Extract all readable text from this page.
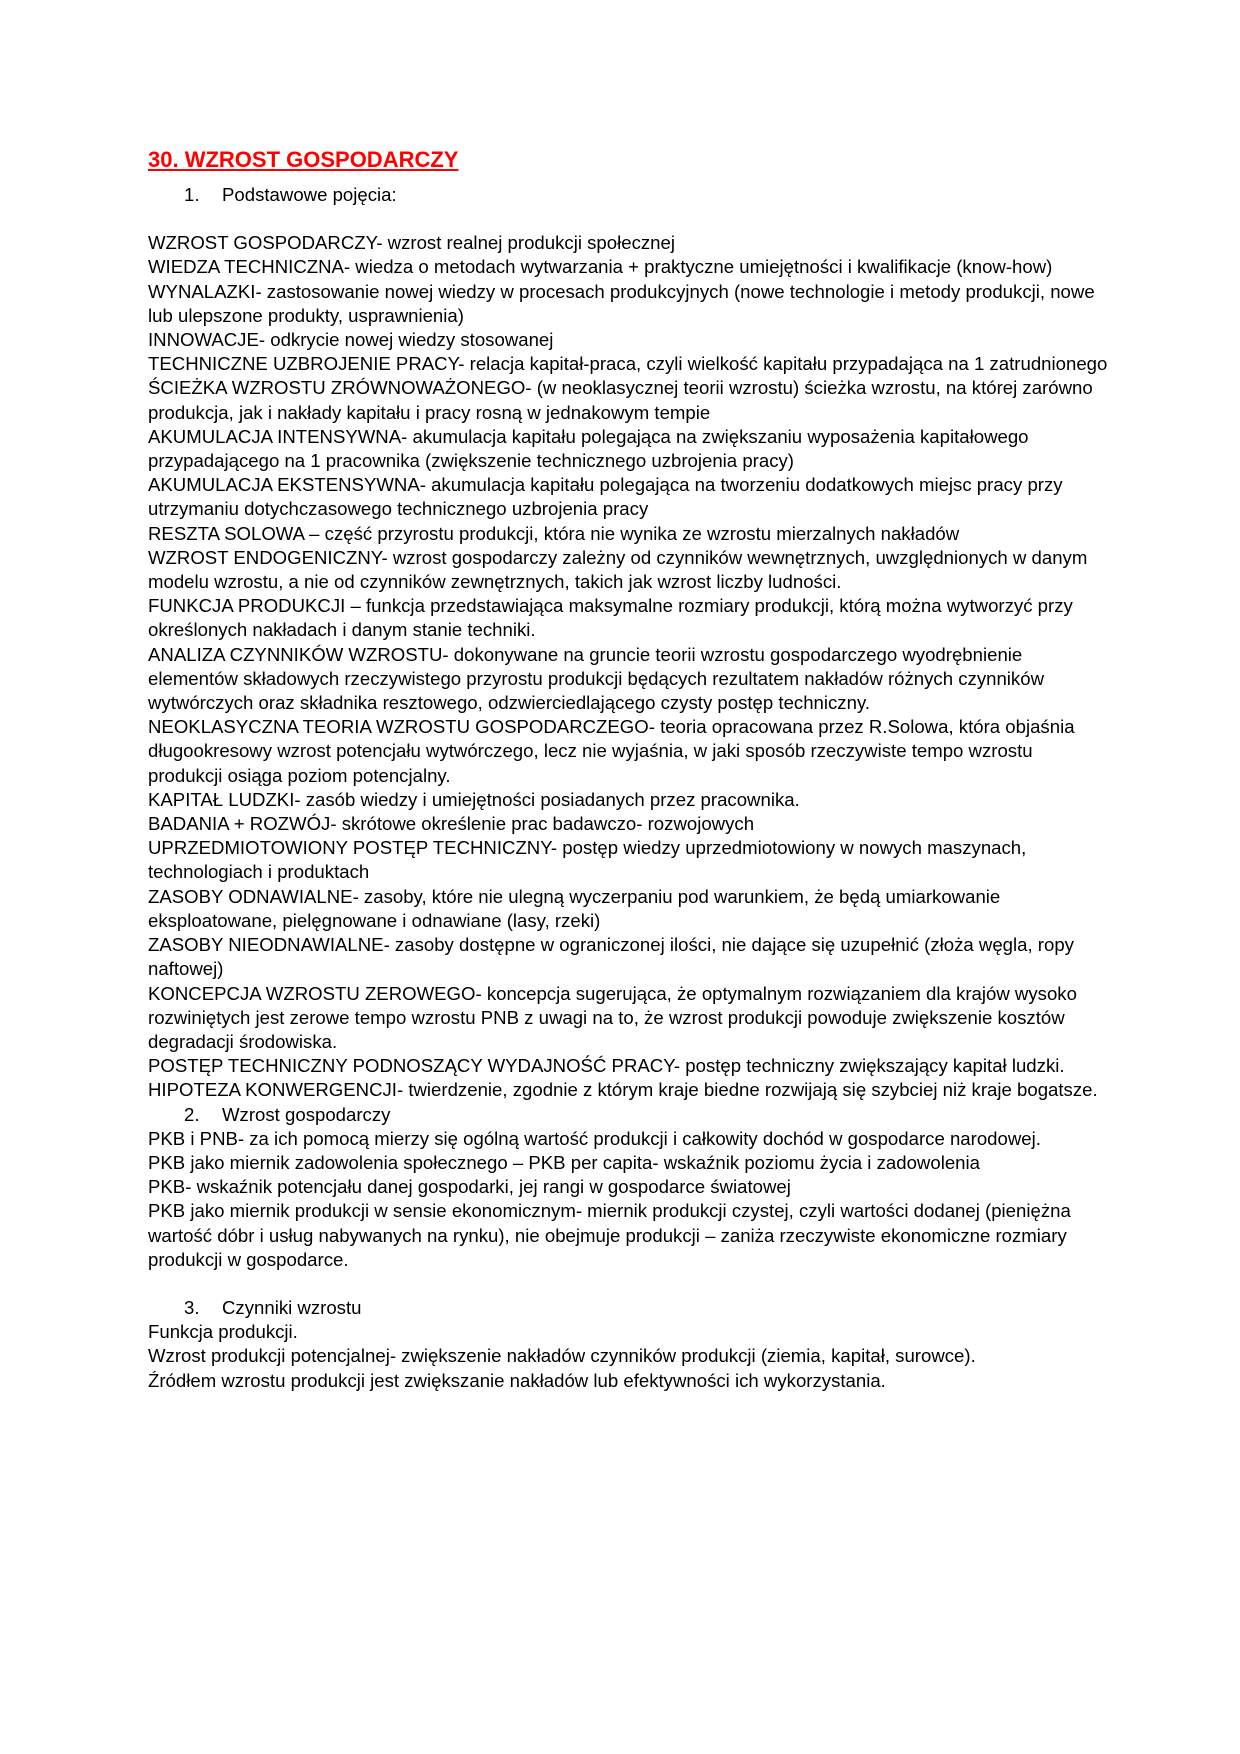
30. WZROST GOSPODARCZY
1.	Podstawowe pojęcia:

WZROST GOSPODARCZY- wzrost realnej produkcji społecznej

WIEDZA TECHNICZNA- wiedza o metodach wytwarzania + praktyczne umiejętności i kwalifikacje (know-how)

WYNALAZKI- zastosowanie nowej wiedzy w procesach produkcyjnych (nowe technologie i metody produkcji, nowe lub ulepszone produkty, usprawnienia)

INNOWACJE- odkrycie nowej wiedzy stosowanej

TECHNICZNE UZBROJENIE PRACY- relacja kapitał-praca, czyli wielkość kapitału przypadająca na 1 zatrudnionego

ŚCIEŻKA WZROSTU ZRÓWNOWAŻONEGO- (w neoklasycznej teorii wzrostu) ścieżka wzrostu, na której zarówno produkcja, jak i nakłady kapitału i pracy rosną w jednakowym tempie

AKUMULACJA INTENSYWNA- akumulacja kapitału polegająca na zwiększaniu wyposażenia kapitałowego przypadającego na 1 pracownika (zwiększenie technicznego uzbrojenia pracy)

AKUMULACJA EKSTENSYWNA- akumulacja kapitału polegająca na tworzeniu dodatkowych miejsc pracy przy utrzymaniu dotychczasowego technicznego uzbrojenia pracy

RESZTA SOLOWA – część przyrostu produkcji, która nie wynika ze wzrostu mierzalnych nakładów

WZROST ENDOGENICZNY- wzrost gospodarczy zależny od czynników wewnętrznych, uwzględnionych w danym modelu wzrostu, a nie od czynników zewnętrznych, takich jak wzrost liczby ludności.

FUNKCJA PRODUKCJI – funkcja przedstawiająca maksymalne rozmiary produkcji, którą można wytworzyć przy określonych nakładach i danym stanie techniki.

ANALIZA CZYNNIKÓW WZROSTU- dokonywane na gruncie teorii wzrostu gospodarczego wyodrębnienie elementów składowych rzeczywistego przyrostu produkcji będących rezultatem nakładów różnych czynników wytwórczych oraz składnika resztowego, odzwierciedlającego czysty postęp techniczny.

NEOKLASYCZNA TEORIA WZROSTU GOSPODARCZEGO- teoria opracowana przez R.Solowa, która objaśnia długookresowy wzrost potencjału wytwórczego, lecz nie wyjaśnia, w jaki sposób rzeczywiste tempo wzrostu produkcji osiąga poziom potencjalny.

KAPITAŁ LUDZKI- zasób wiedzy i umiejętności posiadanych przez pracownika.

BADANIA + ROZWÓJ- skrótowe określenie prac badawczo- rozwojowych

UPRZEDMIOTOWIONY POSTĘP TECHNICZNY- postęp wiedzy uprzedmiotowiony w nowych maszynach, technologiach i produktach

ZASOBY ODNAWIALNE- zasoby, które nie ulegną wyczerpaniu pod warunkiem, że będą umiarkowanie eksploatowane, pielęgnowane i odnawiane (lasy, rzeki)

ZASOBY NIEODNAWIALNE- zasoby dostępne w ograniczonej ilości, nie dające się uzupełnić (złoża węgla, ropy naftowej)

KONCEPCJA WZROSTU ZEROWEGO- koncepcja sugerująca, że optymalnym rozwiązaniem dla krajów wysoko rozwiniętych jest zerowe tempo wzrostu PNB z uwagi na to, że wzrost produkcji powoduje zwiększenie kosztów degradacji środowiska.

POSTĘP TECHNICZNY PODNOSZĄCY WYDAJNOŚĆ PRACY- postęp techniczny zwiększający kapitał ludzki.

HIPOTEZA KONWERGENCJI- twierdzenie, zgodnie z którym kraje biedne rozwijają się szybciej niż kraje bogatsze.

2.	Wzrost gospodarczy

PKB i PNB- za ich pomocą mierzy się ogólną wartość produkcji i całkowity dochód w gospodarce narodowej.

PKB jako miernik zadowolenia społecznego – PKB per capita- wskaźnik poziomu życia i zadowolenia

PKB- wskaźnik potencjału danej gospodarki, jej rangi w gospodarce światowej

PKB jako miernik produkcji w sensie ekonomicznym- miernik produkcji czystej, czyli wartości dodanej (pieniężna wartość dóbr i usług nabywanych na rynku), nie obejmuje produkcji – zaniża rzeczywiste ekonomiczne rozmiary produkcji w gospodarce.

3.	Czynniki wzrostu

Funkcja produkcji.

Wzrost produkcji potencjalnej- zwiększenie nakładów czynników produkcji (ziemia, kapitał, surowce).

Źródłem wzrostu produkcji jest zwiększanie nakładów lub efektywności ich wykorzystania.
